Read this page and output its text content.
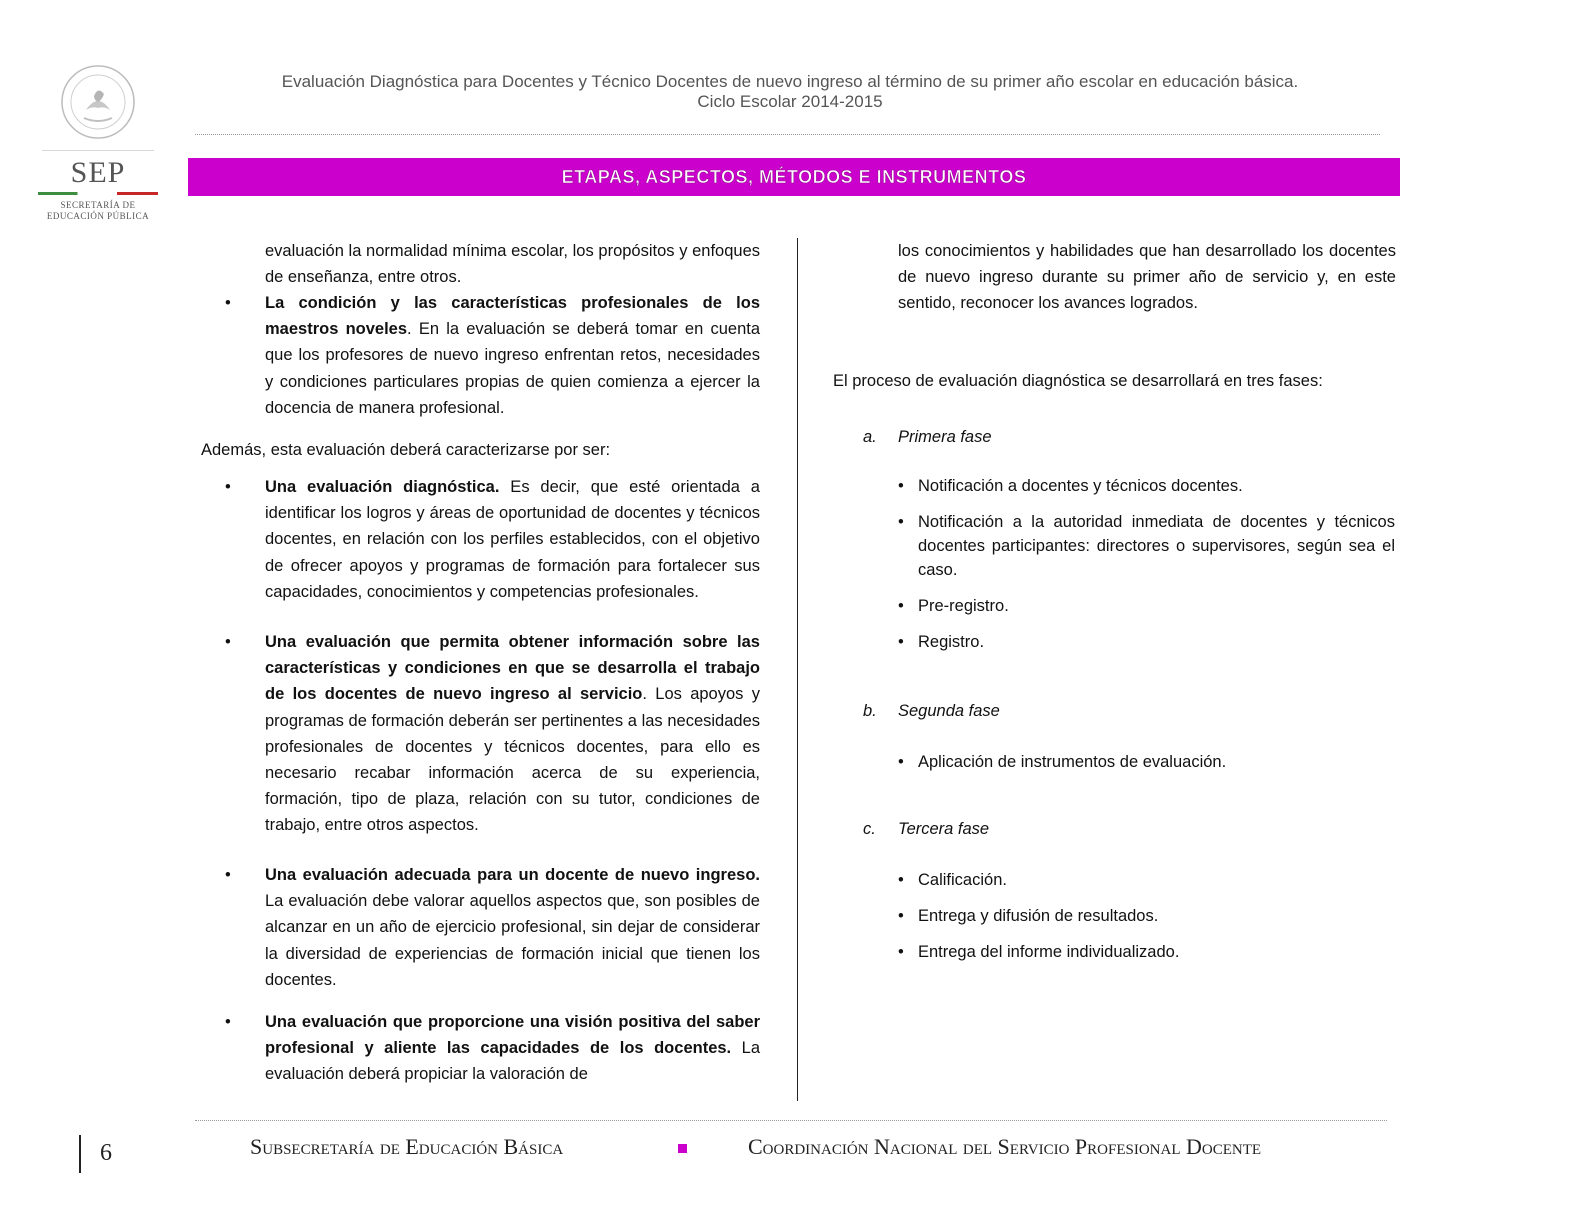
SEP
SECRETARÍA DE
EDUCACIÓN PÚBLICA
Evaluación Diagnóstica para Docentes y Técnico Docentes de nuevo ingreso al término de su primer año escolar en educación básica.
Ciclo Escolar 2014-2015
ETAPAS, ASPECTOS, MÉTODOS E INSTRUMENTOS
evaluación la normalidad mínima escolar, los propósitos y enfoques de enseñanza, entre otros.
• La condición y las características profesionales de los maestros noveles. En la evaluación se deberá tomar en cuenta que los profesores de nuevo ingreso enfrentan retos, necesidades y condiciones particulares propias de quien comienza a ejercer la docencia de manera profesional.
Además, esta evaluación deberá caracterizarse por ser:
• Una evaluación diagnóstica. Es decir, que esté orientada a identificar los logros y áreas de oportunidad de docentes y técnicos docentes, en relación con los perfiles establecidos, con el objetivo de ofrecer apoyos y programas de formación para fortalecer sus capacidades, conocimientos y competencias profesionales.
• Una evaluación que permita obtener información sobre las características y condiciones en que se desarrolla el trabajo de los docentes de nuevo ingreso al servicio. Los apoyos y programas de formación deberán ser pertinentes a las necesidades profesionales de docentes y técnicos docentes, para ello es necesario recabar información acerca de su experiencia, formación, tipo de plaza, relación con su tutor, condiciones de trabajo, entre otros aspectos.
• Una evaluación adecuada para un docente de nuevo ingreso. La evaluación debe valorar aquellos aspectos que, son posibles de alcanzar en un año de ejercicio profesional, sin dejar de considerar la diversidad de experiencias de formación inicial que tienen los docentes.
• Una evaluación que proporcione una visión positiva del saber profesional y aliente las capacidades de los docentes. La evaluación deberá propiciar la valoración de
los conocimientos y habilidades que han desarrollado los docentes de nuevo ingreso durante su primer año de servicio y, en este sentido, reconocer los avances logrados.
El proceso de evaluación diagnóstica se desarrollará en tres fases:
a. Primera fase
• Notificación a docentes y técnicos docentes.
• Notificación a la autoridad inmediata de docentes y técnicos docentes participantes: directores o supervisores, según sea el caso.
• Pre-registro.
• Registro.
b. Segunda fase
• Aplicación de instrumentos de evaluación.
c. Tercera fase
• Calificación.
• Entrega y difusión de resultados.
• Entrega del informe individualizado.
6	Subsecretaría de Educación Básica	Coordinación Nacional del Servicio Profesional Docente
